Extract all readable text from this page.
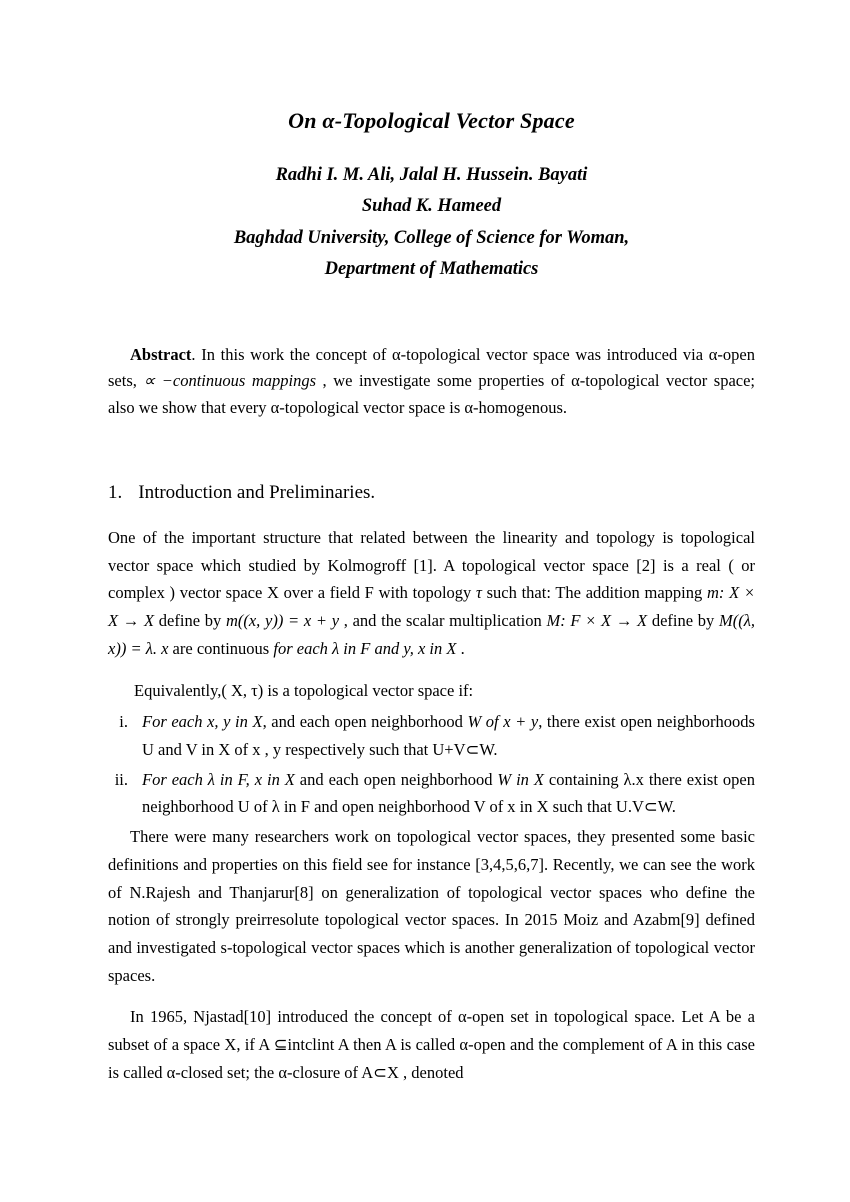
On α-Topological Vector Space
Radhi I. M. Ali, Jalal H. Hussein. Bayati
Suhad K. Hameed
Baghdad University, College of Science for Woman,
Department of Mathematics
Abstract. In this work the concept of α-topological vector space was introduced via α-open sets, ∝ −continuous mappings , we investigate some properties of α-topological vector space; also we show that every α-topological vector space is α-homogenous.
1. Introduction and Preliminaries.

One of the important structure that related between the linearity and topology is topological vector space which studied by Kolmogroff [1]. A topological vector space [2] is a real ( or complex ) vector space X over a field F with topology τ such that: The addition mapping m: X × X → X define by m((x, y)) = x + y , and the scalar multiplication M: F × X → X define by M((λ, x)) = λ. x are continuous for each λ in F and y, x in X .

Equivalently,( X, τ) is a topological vector space if:

i. For each x, y in X, and each open neighborhood W of x + y, there exist open neighborhoods U and V in X of x , y respectively such that U+V⊂W.
ii. For each λ in F, x in X and each open neighborhood W in X containing λ.x there exist open neighborhood U of λ in F and open neighborhood V of x in X such that U.V⊂W.

There were many researchers work on topological vector spaces, they presented some basic definitions and properties on this field see for instance [3,4,5,6,7]. Recently, we can see the work of N.Rajesh and Thanjarur[8] on generalization of topological vector spaces who define the notion of strongly preirresolute topological vector spaces. In 2015 Moiz and Azabm[9] defined and investigated s-topological vector spaces which is another generalization of topological vector spaces.

In 1965, Njastad[10] introduced the concept of α-open set in topological space. Let A be a subset of a space X, if A ⊆intclint A then A is called α-open and the complement of A in this case is called α-closed set; the α-closure of A⊂X , denoted
